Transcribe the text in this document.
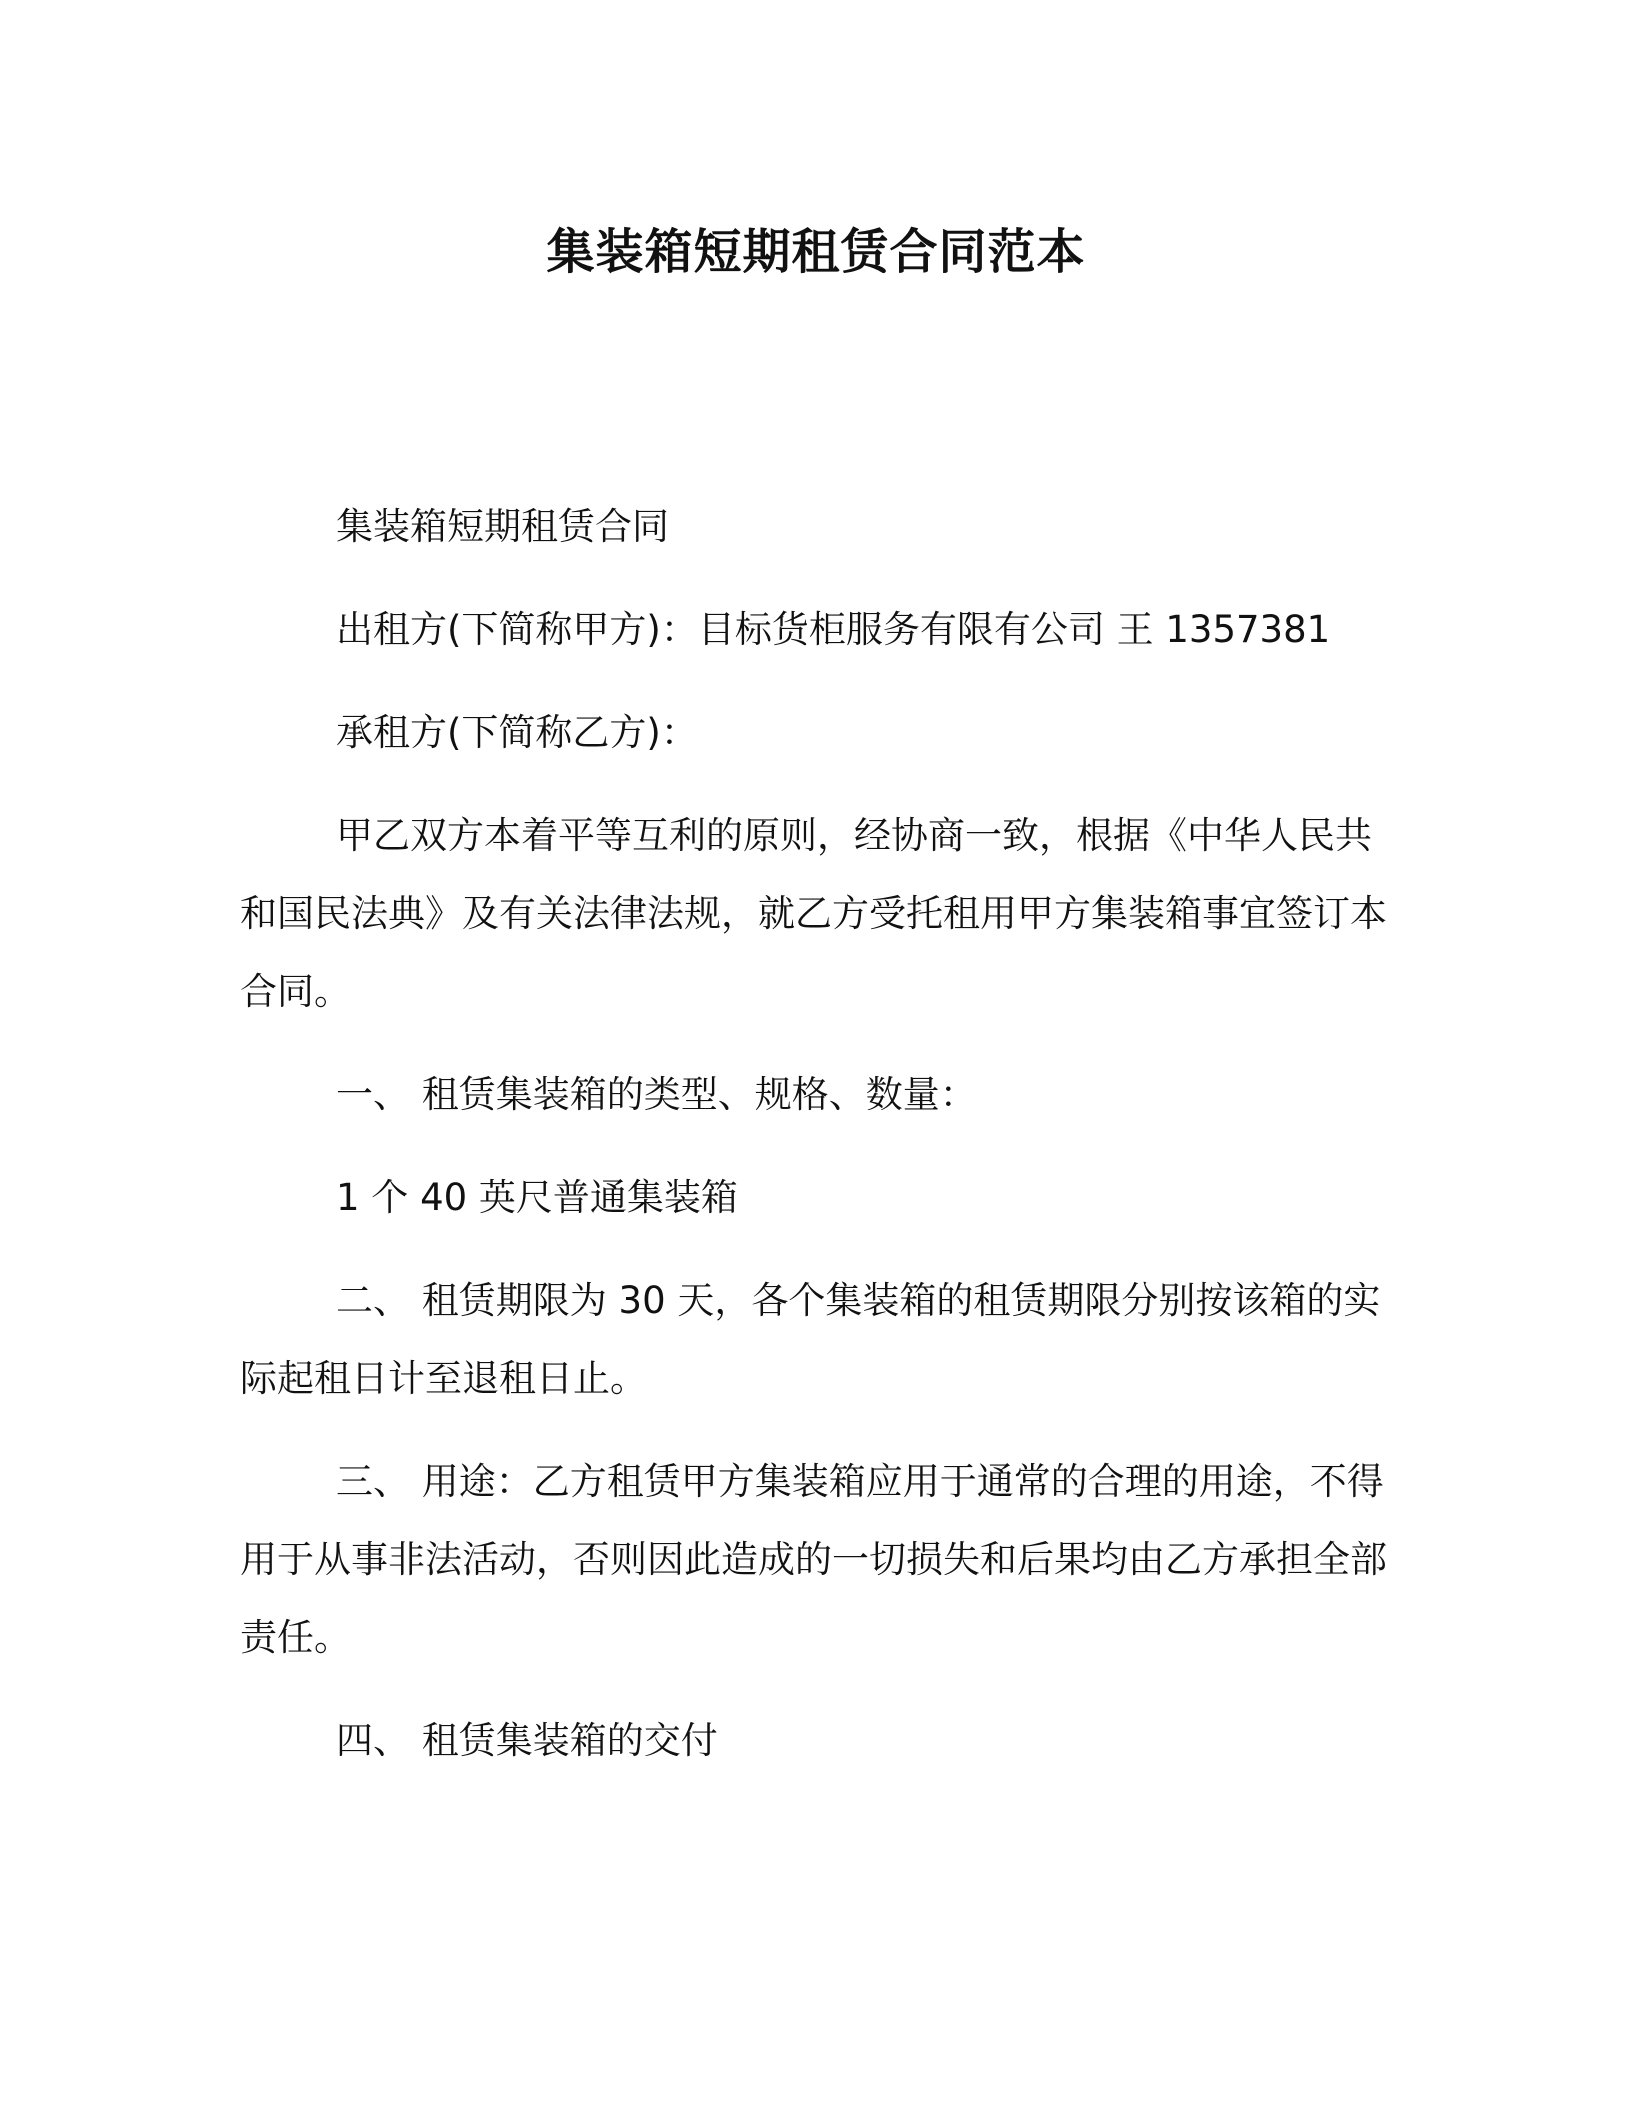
集装箱短期租赁合同范本

集装箱短期租赁合同

出租方(下简称甲方)：目标货柜服务有限有公司 王 1357381

承租方(下简称乙方)：

甲乙双方本着平等互利的原则，经协商一致，根据《中华人民共和国民法典》及有关法律法规，就乙方受托租用甲方集装箱事宜签订本合同。

一、 租赁集装箱的类型、规格、数量：

1 个 40 英尺普通集装箱

二、 租赁期限为 30 天，各个集装箱的租赁期限分别按该箱的实际起租日计至退租日止。

三、 用途：乙方租赁甲方集装箱应用于通常的合理的用途，不得用于从事非法活动，否则因此造成的一切损失和后果均由乙方承担全部责任。

四、 租赁集装箱的交付
